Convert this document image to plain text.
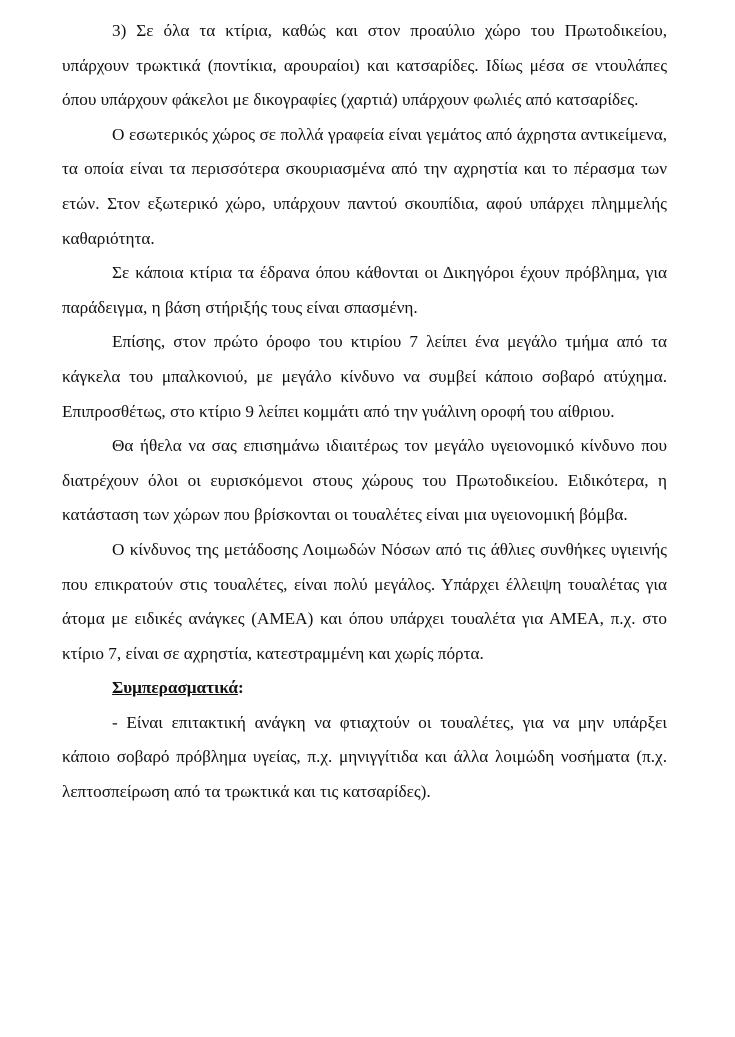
3) Σε όλα τα κτίρια, καθώς και στον προαύλιο χώρο του Πρωτοδικείου, υπάρχουν τρωκτικά (ποντίκια, αρουραίοι) και κατσαρίδες. Ιδίως μέσα σε ντουλάπες όπου υπάρχουν φάκελοι με δικογραφίες (χαρτιά) υπάρχουν φωλιές από κατσαρίδες.

Ο εσωτερικός χώρος σε πολλά γραφεία είναι γεμάτος από άχρηστα αντικείμενα, τα οποία είναι τα περισσότερα σκουριασμένα από την αχρηστία και το πέρασμα των ετών. Στον εξωτερικό χώρο, υπάρχουν παντού σκουπίδια, αφού υπάρχει πλημμελής καθαριότητα.

Σε κάποια κτίρια τα έδρανα όπου κάθονται οι Δικηγόροι έχουν πρόβλημα, για παράδειγμα, η βάση στήριξής τους είναι σπασμένη.

Επίσης, στον πρώτο όροφο του κτιρίου 7 λείπει ένα μεγάλο τμήμα από τα κάγκελα του μπαλκονιού, με μεγάλο κίνδυνο να συμβεί κάποιο σοβαρό ατύχημα. Επιπροσθέτως, στο κτίριο 9 λείπει κομμάτι από την γυάλινη οροφή του αίθριου.

Θα ήθελα να σας επισημάνω ιδιαιτέρως τον μεγάλο υγειονομικό κίνδυνο που διατρέχουν όλοι οι ευρισκόμενοι στους χώρους του Πρωτοδικείου. Ειδικότερα, η κατάσταση των χώρων που βρίσκονται οι τουαλέτες είναι μια υγειονομική βόμβα.

Ο κίνδυνος της μετάδοσης Λοιμωδών Νόσων από τις άθλιες συνθήκες υγιεινής που επικρατούν στις τουαλέτες, είναι πολύ μεγάλος. Υπάρχει έλλειψη τουαλέτας για άτομα με ειδικές ανάγκες (ΑΜΕΑ) και όπου υπάρχει τουαλέτα για ΑΜΕΑ, π.χ. στο κτίριο 7, είναι σε αχρηστία, κατεστραμμένη και χωρίς πόρτα.

Συμπερασματικά:

- Είναι επιτακτική ανάγκη να φτιαχτούν οι τουαλέτες, για να μην υπάρξει κάποιο σοβαρό πρόβλημα υγείας, π.χ. μηνιγγίτιδα και άλλα λοιμώδη νοσήματα (π.χ. λεπτοσπείρωση από τα τρωκτικά και τις κατσαρίδες).
